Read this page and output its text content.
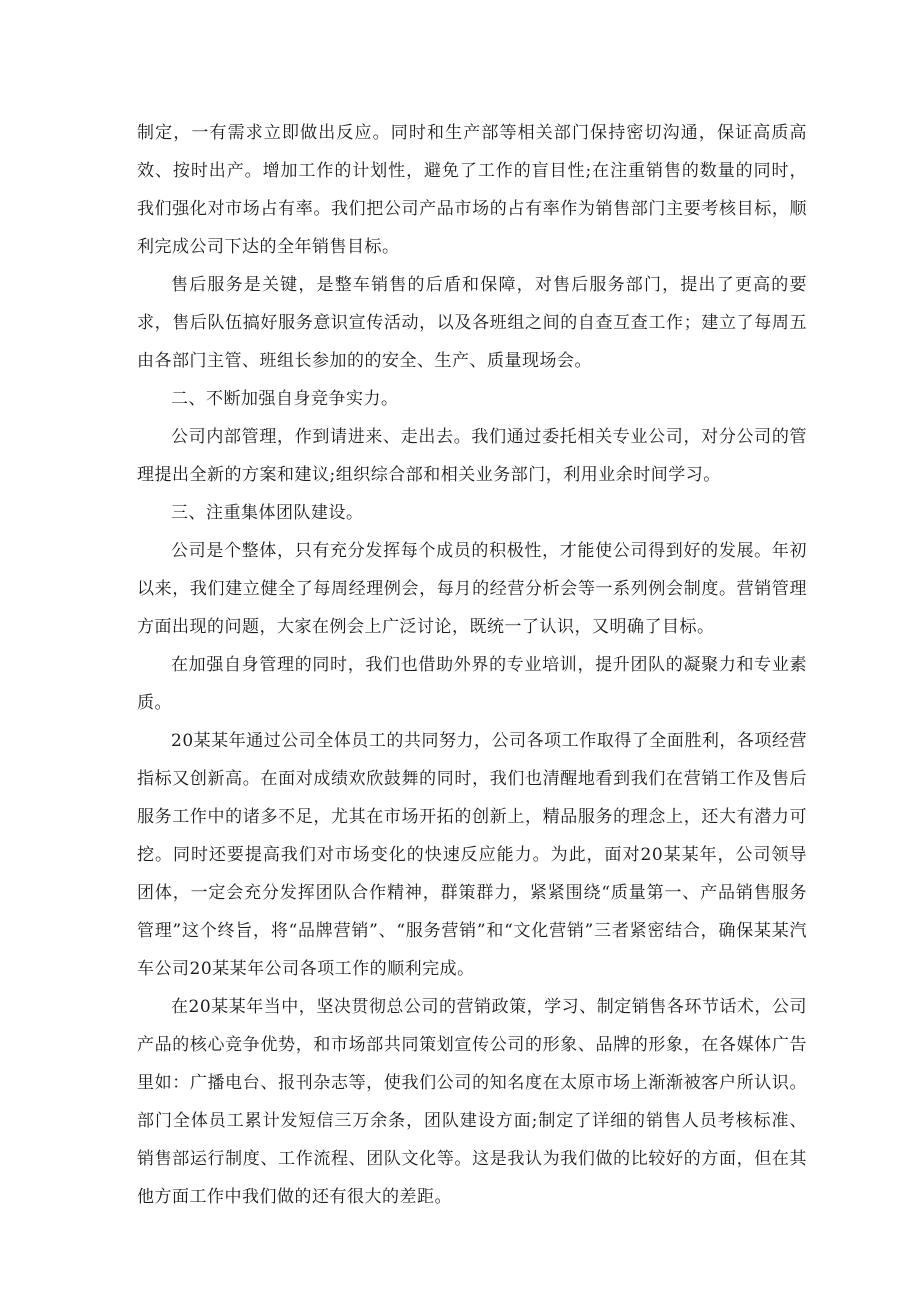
制定，一有需求立即做出反应。同时和生产部等相关部门保持密切沟通，保证高质高效、按时出产。增加工作的计划性，避免了工作的盲目性;在注重销售的数量的同时，我们强化对市场占有率。我们把公司产品市场的占有率作为销售部门主要考核目标，顺利完成公司下达的全年销售目标。

售后服务是关键，是整车销售的后盾和保障，对售后服务部门，提出了更高的要求，售后队伍搞好服务意识宣传活动，以及各班组之间的自查互查工作；建立了每周五由各部门主管、班组长参加的的安全、生产、质量现场会。

二、不断加强自身竞争实力。

公司内部管理，作到请进来、走出去。我们通过委托相关专业公司，对分公司的管理提出全新的方案和建议;组织综合部和相关业务部门，利用业余时间学习。

三、注重集体团队建设。

公司是个整体，只有充分发挥每个成员的积极性，才能使公司得到好的发展。年初以来，我们建立健全了每周经理例会，每月的经营分析会等一系列例会制度。营销管理方面出现的问题，大家在例会上广泛讨论，既统一了认识，又明确了目标。

在加强自身管理的同时，我们也借助外界的专业培训，提升团队的凝聚力和专业素质。

20某某年通过公司全体员工的共同努力，公司各项工作取得了全面胜利，各项经营指标又创新高。在面对成绩欢欣鼓舞的同时，我们也清醒地看到我们在营销工作及售后服务工作中的诸多不足，尤其在市场开拓的创新上，精品服务的理念上，还大有潜力可挖。同时还要提高我们对市场变化的快速反应能力。为此，面对20某某年，公司领导团体，一定会充分发挥团队合作精神，群策群力，紧紧围绕“质量第一、产品销售服务管理”这个终旨，将“品牌营销”、“服务营销”和“文化营销”三者紧密结合，确保某某汽车公司20某某年公司各项工作的顺利完成。

在20某某年当中，坚决贯彻总公司的营销政策，学习、制定销售各环节话术，公司产品的核心竞争优势，和市场部共同策划宣传公司的形象、品牌的形象，在各媒体广告里如：广播电台、报刊杂志等，使我们公司的知名度在太原市场上渐渐被客户所认识。部门全体员工累计发短信三万余条，团队建设方面;制定了详细的销售人员考核标准、销售部运行制度、工作流程、团队文化等。这是我认为我们做的比较好的方面，但在其他方面工作中我们做的还有很大的差距。
